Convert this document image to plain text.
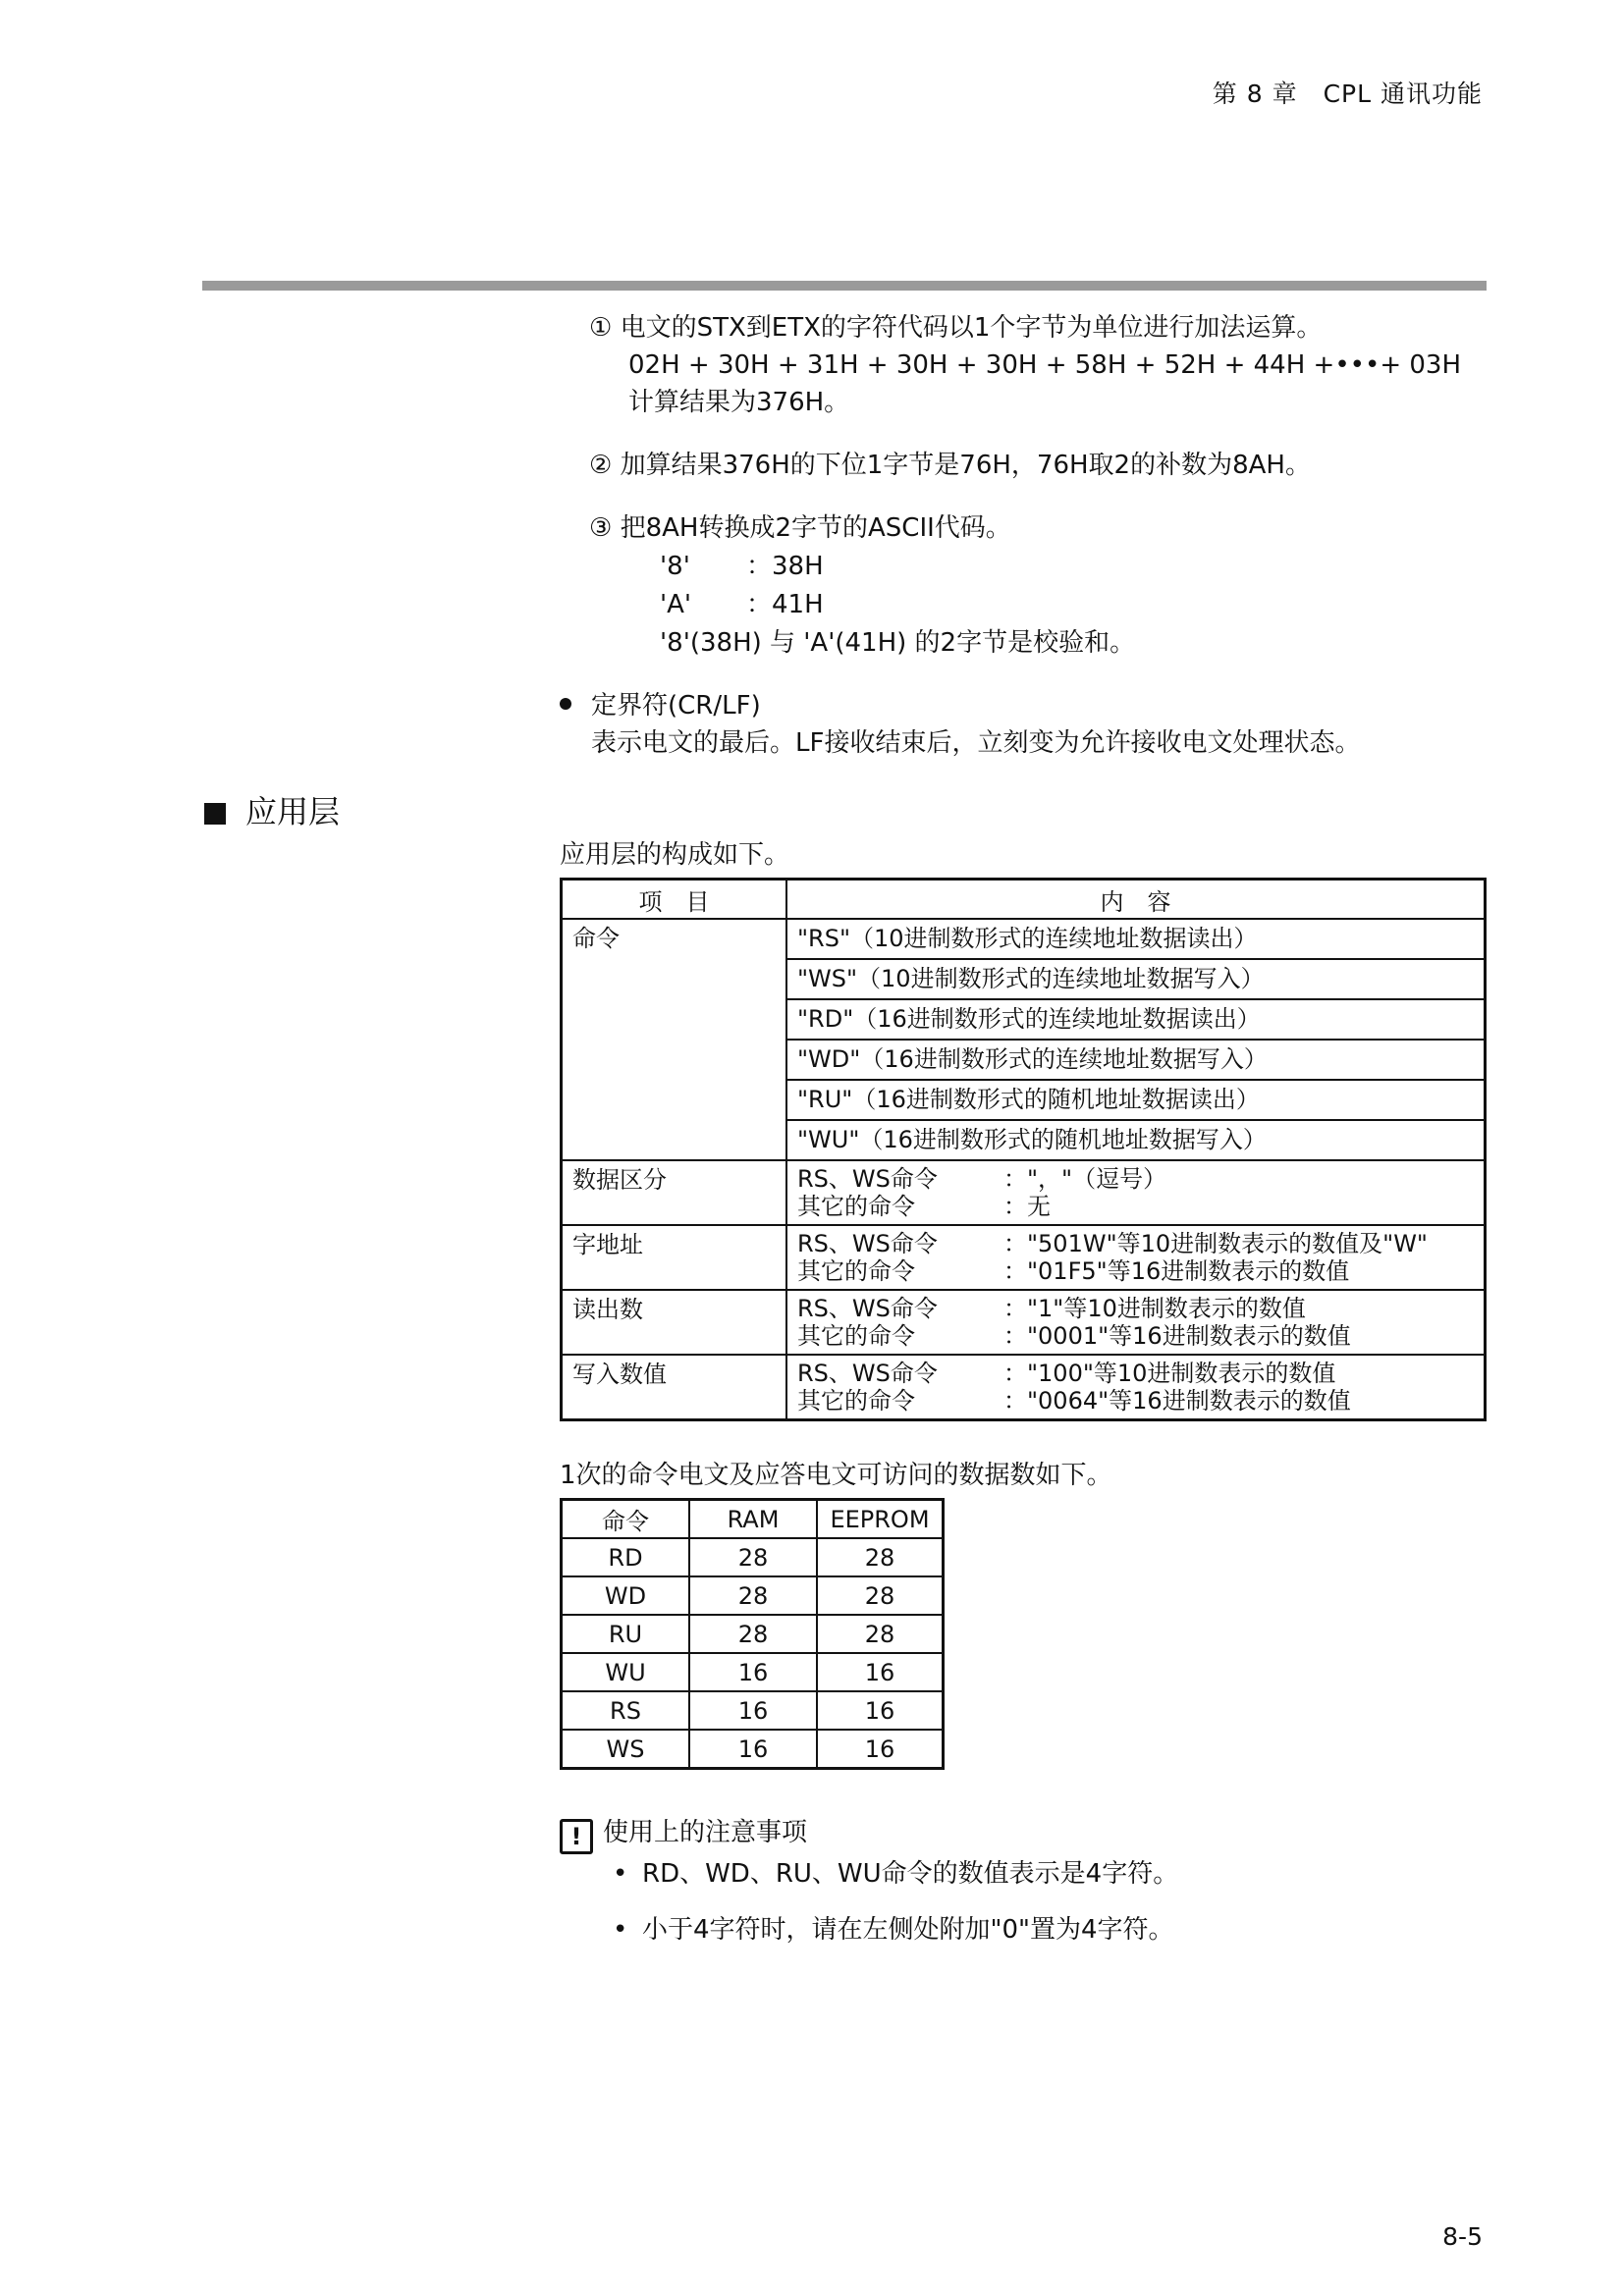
第 8 章　CPL 通讯功能
① 电文的STX到ETX的字符代码以1个字节为单位进行加法运算。
02H + 30H + 31H + 30H + 30H + 58H + 52H + 44H +•••+ 03H
计算结果为376H。
② 加算结果376H的下位1字节是76H，76H取2的补数为8AH。
③ 把8AH转换成2字节的ASCII代码。
'8' ：38H
'A' ：41H
'8'(38H) 与 'A'(41H) 的2字节是校验和。
定界符(CR/LF)
表示电文的最后。LF接收结束后，立刻变为允许接收电文处理状态。
应用层
应用层的构成如下。
项　目	内　容
命令	"RS"（10进制数形式的连续地址数据读出）
	"WS"（10进制数形式的连续地址数据写入）
	"RD"（16进制数形式的连续地址数据读出）
	"WD"（16进制数形式的连续地址数据写入）
	"RU"（16进制数形式的随机地址数据读出）
	"WU"（16进制数形式的随机地址数据写入）
数据区分	RS、WS命令 ："，"（逗号）
其它的命令 ：无

字地址	RS、WS命令 ："501W"等10进制数表示的数值及"W"
其它的命令 ："01F5"等16进制数表示的数值

读出数	RS、WS命令 ："1"等10进制数表示的数值
其它的命令 ："0001"等16进制数表示的数值

写入数值	RS、WS命令 ："100"等10进制数表示的数值
其它的命令 ："0064"等16进制数表示的数值
1次的命令电文及应答电文可访问的数据数如下。
命令	RAM	EEPROM
RD	28	28
WD	28	28
RU	28	28
WU	16	16
RS	16	16
WS	16	16
! 使用上的注意事项
• RD、WD、RU、WU命令的数值表示是4字符。
• 小于4字符时，请在左侧处附加"0"置为4字符。
8-5
